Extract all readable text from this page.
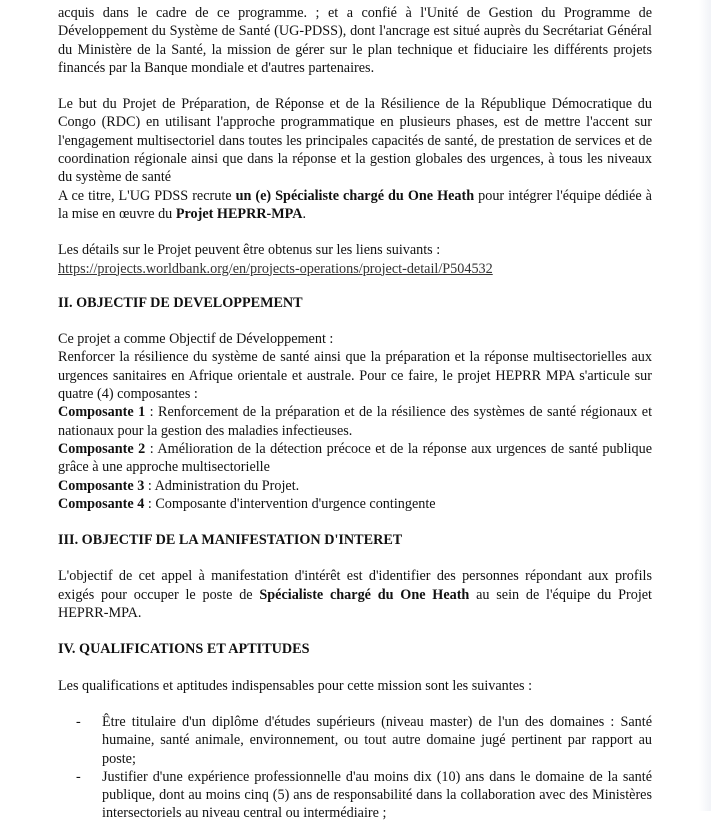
acquis dans le cadre de ce programme. ; et a confié à l'Unité de Gestion du Programme de Développement du Système de Santé (UG-PDSS), dont l'ancrage est situé auprès du Secrétariat Général du Ministère de la Santé, la mission de gérer sur le plan technique et fiduciaire les différents projets financés par la Banque mondiale et d'autres partenaires.

Le but du Projet de Préparation, de Réponse et de la Résilience de la République Démocratique du Congo (RDC) en utilisant l'approche programmatique en plusieurs phases, est de mettre l'accent sur l'engagement multisectoriel dans toutes les principales capacités de santé, de prestation de services et de coordination régionale ainsi que dans la réponse et la gestion globales des urgences, à tous les niveaux du système de santé

A ce titre, L'UG PDSS recrute un (e) Spécialiste chargé du One Heath pour intégrer l'équipe dédiée à la mise en œuvre du Projet HEPRR-MPA.

Les détails sur le Projet peuvent être obtenus sur les liens suivants :

https://projects.worldbank.org/en/projects-operations/project-detail/P504532

II. OBJECTIF DE DEVELOPPEMENT

Ce projet a comme Objectif de Développement :

Renforcer la résilience du système de santé ainsi que la préparation et la réponse multisectorielles aux urgences sanitaires en Afrique orientale et australe. Pour ce faire, le projet HEPRR MPA s'articule sur quatre (4) composantes :

Composante 1 : Renforcement de la préparation et de la résilience des systèmes de santé régionaux et nationaux pour la gestion des maladies infectieuses.

Composante 2 : Amélioration de la détection précoce et de la réponse aux urgences de santé publique grâce à une approche multisectorielle

Composante 3 : Administration du Projet.

Composante 4 : Composante d'intervention d'urgence contingente

III. OBJECTIF DE LA MANIFESTATION D'INTERET

L'objectif de cet appel à manifestation d'intérêt est d'identifier des personnes répondant aux profils exigés pour occuper le poste de Spécialiste chargé du One Heath au sein de l'équipe du Projet HEPRR-MPA.

IV. QUALIFICATIONS ET APTITUDES

Les qualifications et aptitudes indispensables pour cette mission sont les suivantes :

- Être titulaire d'un diplôme d'études supérieurs (niveau master) de l'un des domaines : Santé humaine, santé animale, environnement, ou tout autre domaine jugé pertinent par rapport au poste;
- Justifier d'une expérience professionnelle d'au moins dix (10) ans dans le domaine de la santé publique, dont au moins cinq (5) ans de responsabilité dans la collaboration avec des Ministères intersectoriels au niveau central ou intermédiaire ;
